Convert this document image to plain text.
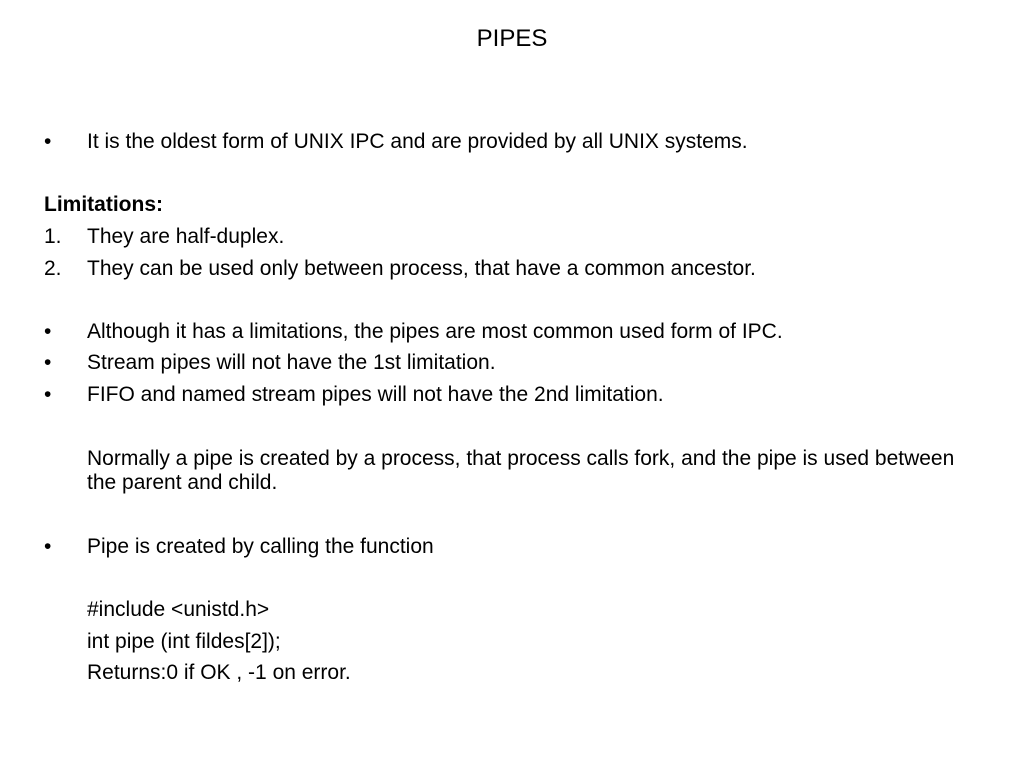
PIPES
•	It is the oldest form of UNIX IPC and are provided by all UNIX systems.
Limitations:
1.	They are half-duplex.
2.	They can be used only between process, that have a common ancestor.
•	Although it has a limitations, the pipes are most common used form of IPC.
•	Stream pipes will not have the 1st limitation.
•	FIFO and named stream pipes will not have the 2nd limitation.
Normally a pipe is created by a process, that process calls fork, and the pipe is used between the parent and child.
•	Pipe is created by calling the function
#include <unistd.h>
int pipe (int fildes[2]);
Returns:0 if OK , -1 on error.
